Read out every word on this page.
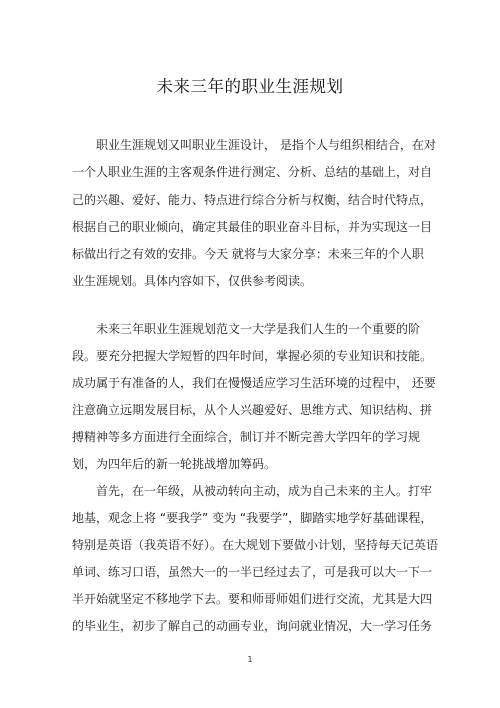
未来三年的职业生涯规划
职业生涯规划又叫职业生涯设计， 是指个人与组织相结合，在对
一个人职业生涯的主客观条件进行测定、分析、总结的基础上，对自
己的兴趣、爱好、能力、特点进行综合分析与权衡，结合时代特点，
根据自己的职业倾向，确定其最佳的职业奋斗目标，并为实现这一目
标做出行之有效的安排。今天 就将与大家分享：未来三年的个人职
业生涯规划。具体内容如下，仅供参考阅读。
未来三年职业生涯规划范文一大学是我们人生的一个重要的阶
段。要充分把握大学短暂的四年时间，掌握必须的专业知识和技能。
成功属于有准备的人，我们在慢慢适应学习生活环境的过程中， 还要
注意确立远期发展目标，从个人兴趣爱好、思维方式、知识结构、拼
搏精神等多方面进行全面综合，制订并不断完善大学四年的学习规
划，为四年后的新一轮挑战增加筹码。
首先，在一年级，从被动转向主动，成为自己未来的主人。打牢
地基，观念上将 “要我学” 变为 “我要学”，脚踏实地学好基础课程，
特别是英语（我英语不好）。在大规划下要做小计划，坚持每天记英语
单词、练习口语，虽然大一的一半已经过去了，可是我可以大一下一
半开始就坚定不移地学下去。要和师哥师姐们进行交流，尤其是大四
的毕业生，初步了解自己的动画专业，询问就业情况，大一学习任务
1
